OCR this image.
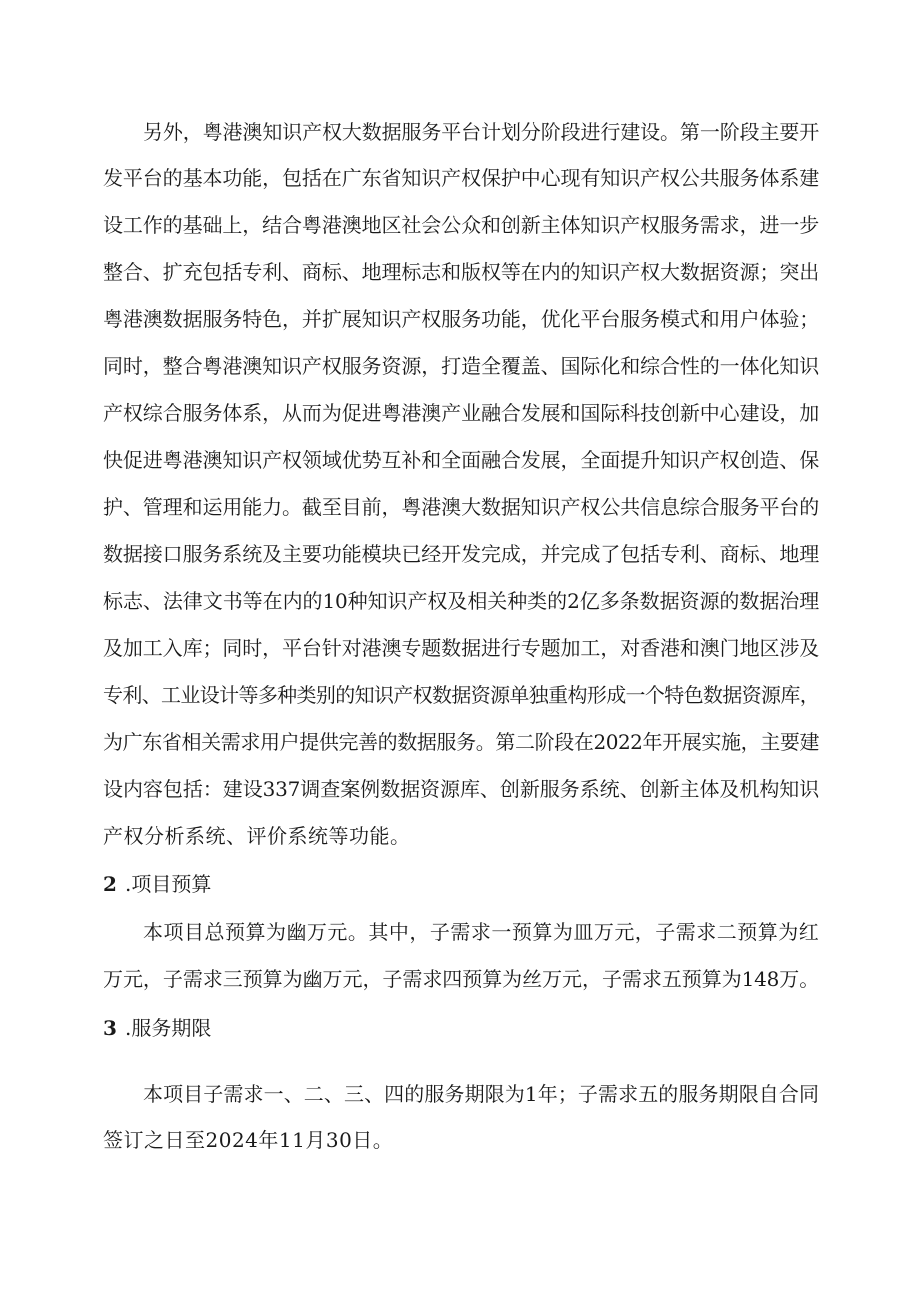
另外，粤港澳知识产权大数据服务平台计划分阶段进行建设。第一阶段主要开
发平台的基本功能，包括在广东省知识产权保护中心现有知识产权公共服务体系建
设工作的基础上，结合粤港澳地区社会公众和创新主体知识产权服务需求，进一步
整合、扩充包括专利、商标、地理标志和版权等在内的知识产权大数据资源；突出
粤港澳数据服务特色，并扩展知识产权服务功能，优化平台服务模式和用户体验；
同时，整合粤港澳知识产权服务资源，打造全覆盖、国际化和综合性的一体化知识
产权综合服务体系，从而为促进粤港澳产业融合发展和国际科技创新中心建设，加
快促进粤港澳知识产权领域优势互补和全面融合发展，全面提升知识产权创造、保
护、管理和运用能力。截至目前，粤港澳大数据知识产权公共信息综合服务平台的
数据接口服务系统及主要功能模块已经开发完成，并完成了包括专利、商标、地理
标志、法律文书等在内的10种知识产权及相关种类的2亿多条数据资源的数据治理
及加工入库；同时，平台针对港澳专题数据进行专题加工，对香港和澳门地区涉及
专利、工业设计等多种类别的知识产权数据资源单独重构形成一个特色数据资源库，
为广东省相关需求用户提供完善的数据服务。第二阶段在2022年开展实施，主要建
设内容包括：建设337调查案例数据资源库、创新服务系统、创新主体及机构知识
产权分析系统、评价系统等功能。
2 .项目预算
本项目总预算为幽万元。其中，子需求一预算为皿万元，子需求二预算为红
万元，子需求三预算为幽万元，子需求四预算为丝万元，子需求五预算为148万。
3 .服务期限
本项目子需求一、二、三、四的服务期限为1年；子需求五的服务期限自合同
签订之日至2024年11月30日。
